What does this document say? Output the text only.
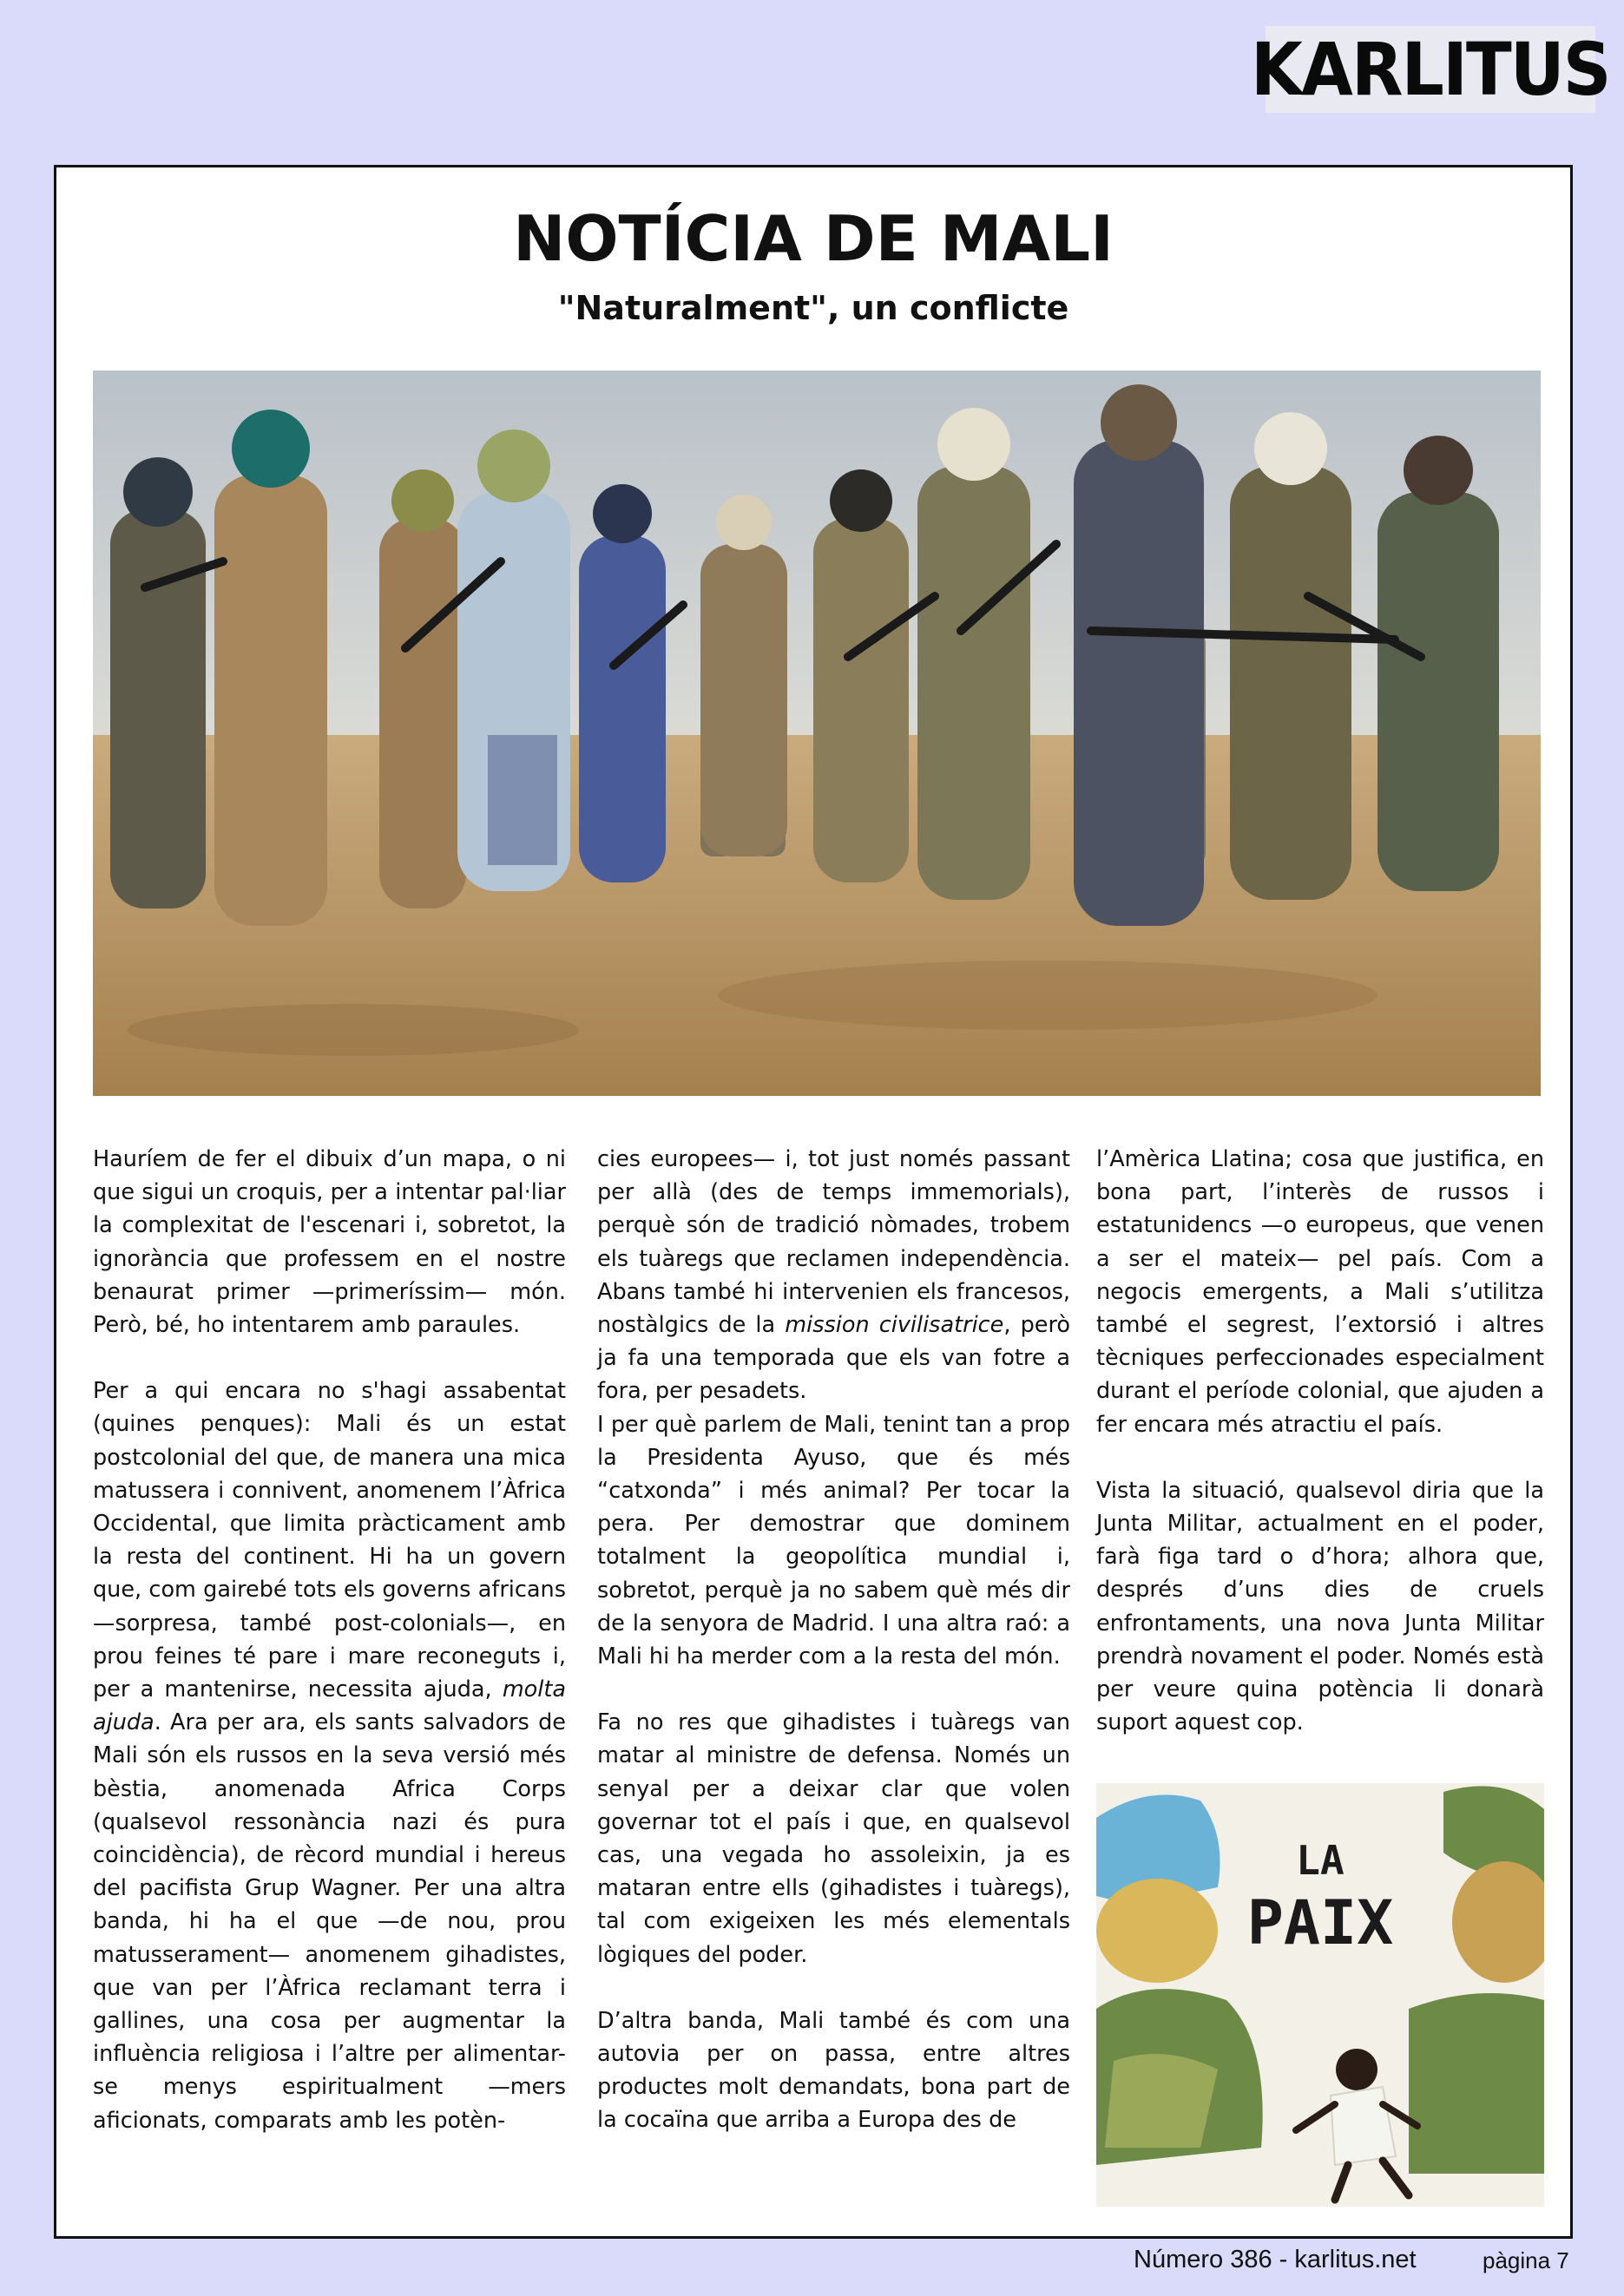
KARLITUS
NOTÍCIA DE MALI
"Naturalment", un conflicte

Hauríem de fer el dibuix d’un mapa, o ni que sigui un croquis, per a intentar pal·liar la complexitat de l'escenari i, sobretot, la ignorància que professem en el nostre benaurat primer —primeríssim— món. Però, bé, ho intentarem amb paraules.

Per a qui encara no s'hagi assabentat (quines penques): Mali és un estat postcolonial del que, de manera una mica matussera i connivent, anomenem l’Àfrica Occidental, que limita pràcticament amb la resta del continent. Hi ha un govern que, com gairebé tots els governs africans —sorpresa, també post-colonials—, en prou feines té pare i mare reconeguts i, per a mantenirse, necessita ajuda, molta ajuda. Ara per ara, els sants salvadors de Mali són els russos en la seva versió més bèstia, anomenada Africa Corps (qualsevol ressonància nazi és pura coincidència), de rècord mundial i hereus del pacifista Grup Wagner. Per una altra banda, hi ha el que —de nou, prou matusserament— anomenem gihadistes, que van per l’Àfrica reclamant terra i gallines, una cosa per augmentar la influència religiosa i l’altre per alimentar-se menys espiritualment —mers aficionats, comparats amb les potèn-

cies europees— i, tot just només passant per allà (des de temps immemorials), perquè són de tradició nòmades, trobem els tuàregs que reclamen independència. Abans també hi intervenien els francesos, nostàlgics de la mission civilisatrice, però ja fa una temporada que els van fotre a fora, per pesadets.

I per què parlem de Mali, tenint tan a prop la Presidenta Ayuso, que és més “catxonda” i més animal? Per tocar la pera. Per demostrar que dominem totalment la geopolítica mundial i, sobretot, perquè ja no sabem què més dir de la senyora de Madrid. I una altra raó: a Mali hi ha merder com a la resta del món.

Fa no res que gihadistes i tuàregs van matar al ministre de defensa. Només un senyal per a deixar clar que volen governar tot el país i que, en qualsevol cas, una vegada ho assoleixin, ja es mataran entre ells (gihadistes i tuàregs), tal com exigeixen les més elementals lògiques del poder.

D’altra banda, Mali també és com una autovia per on passa, entre altres productes molt demandats, bona part de la cocaïna que arriba a Europa des de

l’Amèrica Llatina; cosa que justifica, en bona part, l’interès de russos i estatunidencs —o europeus, que venen a ser el mateix— pel país. Com a negocis emergents, a Mali s’utilitza també el segrest, l’extorsió i altres tècniques perfeccionades especialment durant el període colonial, que ajuden a fer encara més atractiu el país.

Vista la situació, qualsevol diria que la Junta Militar, actualment en el poder, farà figa tard o d’hora; alhora que, després d’uns dies de cruels enfrontaments, una nova Junta Militar prendrà novament el poder. Només està per veure quina potència li donarà suport aquest cop.

LA
PAIX
Número 386 - karlitus.net	pàgina 7
